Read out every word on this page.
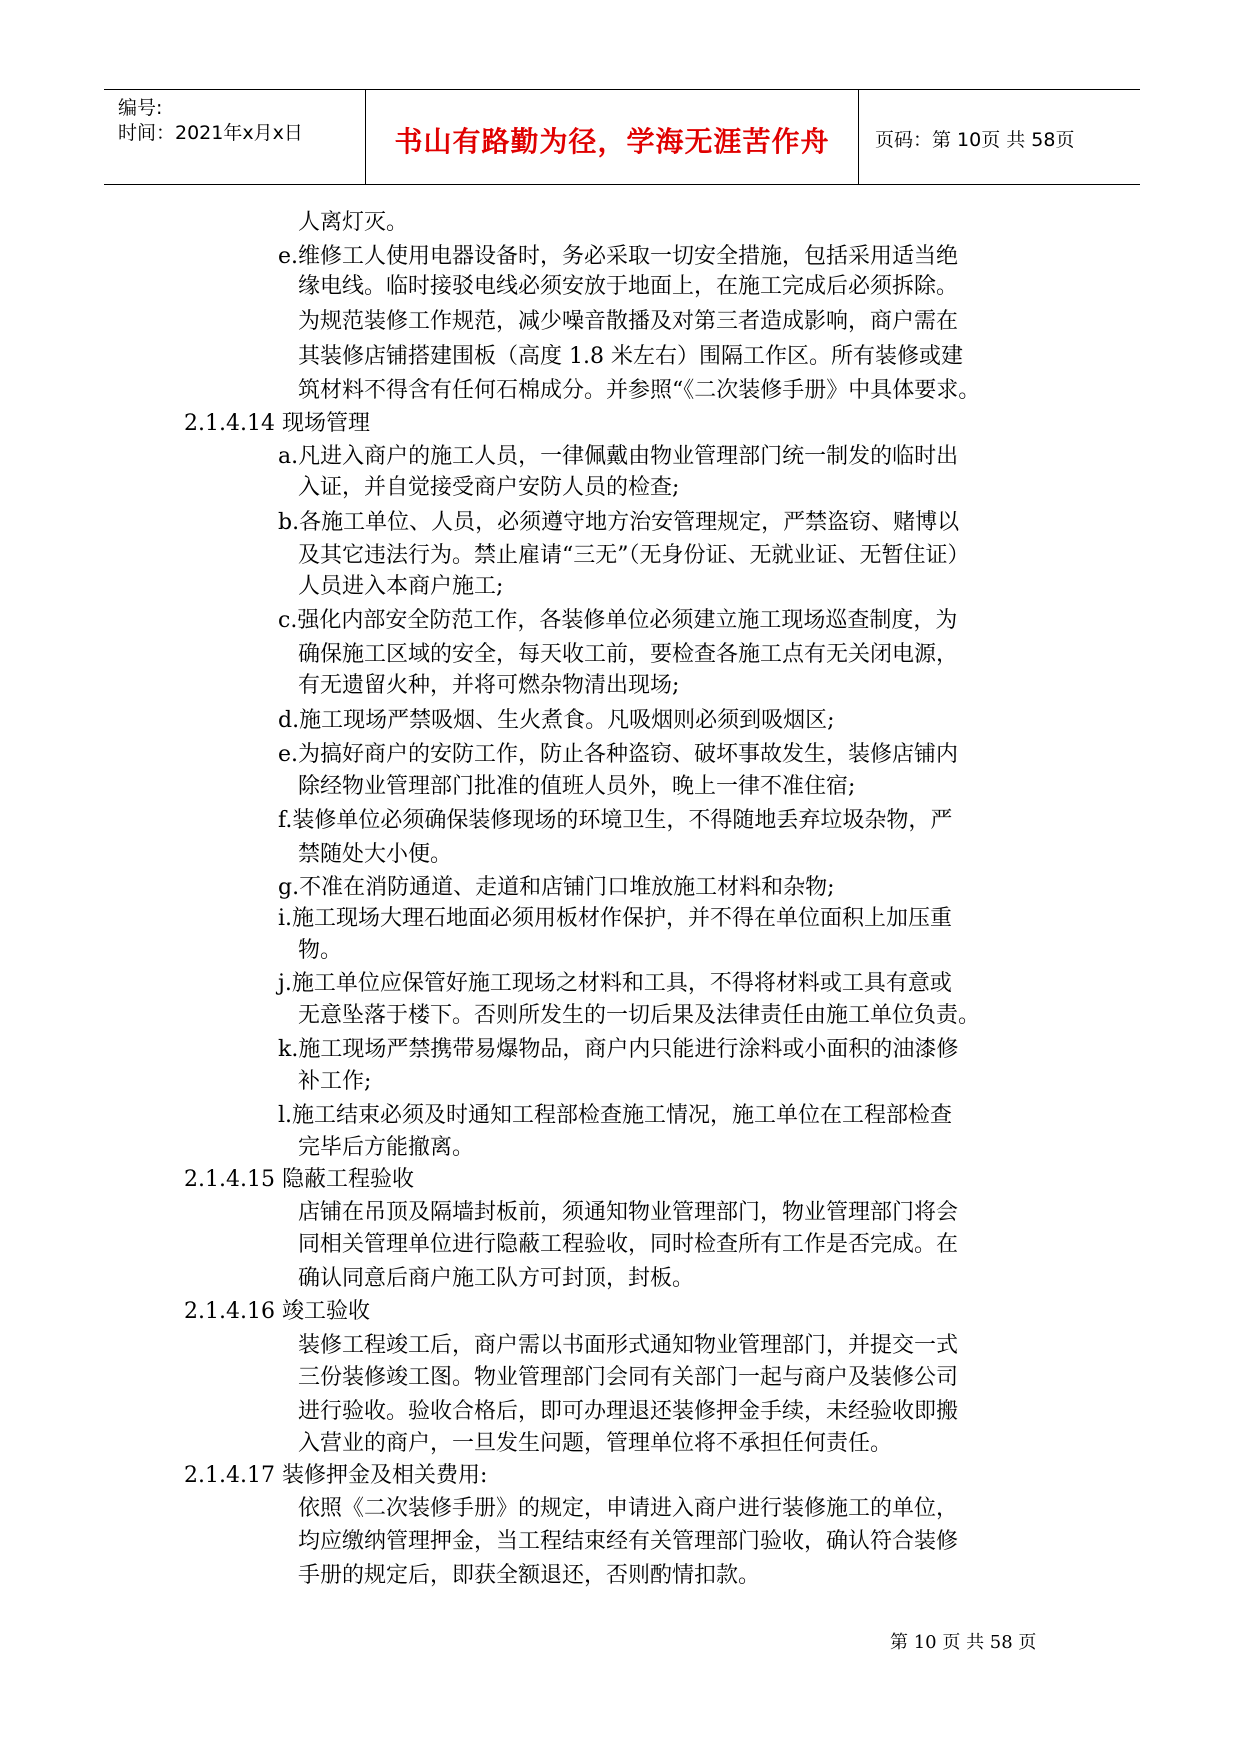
编号:
时间：2021年x月x日	书山有路勤为径，学海无涯苦作舟	页码：第 10页 共 58页
人离灯灭。
e.维修工人使用电器设备时，务必采取一切安全措施，包括采用适当绝
缘电线。临时接驳电线必须安放于地面上，在施工完成后必须拆除。
为规范装修工作规范，减少噪音散播及对第三者造成影响，商户需在
其装修店铺搭建围板（高度 1.8 米左右）围隔工作区。所有装修或建
筑材料不得含有任何石棉成分。并参照“《二次装修手册》中具体要求。
2.1.4.14 现场管理
a.凡进入商户的施工人员，一律佩戴由物业管理部门统一制发的临时出
入证，并自觉接受商户安防人员的检查;
b.各施工单位、人员，必须遵守地方治安管理规定，严禁盗窃、赌博以
及其它违法行为。禁止雇请“三无”（无身份证、无就业证、无暂住证）
人员进入本商户施工;
c.强化内部安全防范工作，各装修单位必须建立施工现场巡查制度，为
确保施工区域的安全，每天收工前，要检查各施工点有无关闭电源，
有无遗留火种，并将可燃杂物清出现场;
d.施工现场严禁吸烟、生火煮食。凡吸烟则必须到吸烟区;
e.为搞好商户的安防工作，防止各种盗窃、破坏事故发生，装修店铺内
除经物业管理部门批准的值班人员外，晚上一律不准住宿;
f.装修单位必须确保装修现场的环境卫生，不得随地丢弃垃圾杂物，严
禁随处大小便。
g.不准在消防通道、走道和店铺门口堆放施工材料和杂物;
i.施工现场大理石地面必须用板材作保护，并不得在单位面积上加压重
物。
j.施工单位应保管好施工现场之材料和工具，不得将材料或工具有意或
无意坠落于楼下。否则所发生的一切后果及法律责任由施工单位负责。
k.施工现场严禁携带易爆物品，商户内只能进行涂料或小面积的油漆修
补工作;
l.施工结束必须及时通知工程部检查施工情况，施工单位在工程部检查
完毕后方能撤离。
2.1.4.15 隐蔽工程验收
店铺在吊顶及隔墙封板前，须通知物业管理部门，物业管理部门将会
同相关管理单位进行隐蔽工程验收，同时检查所有工作是否完成。在
确认同意后商户施工队方可封顶，封板。
2.1.4.16 竣工验收
装修工程竣工后，商户需以书面形式通知物业管理部门，并提交一式
三份装修竣工图。物业管理部门会同有关部门一起与商户及装修公司
进行验收。验收合格后，即可办理退还装修押金手续，未经验收即搬
入营业的商户，一旦发生问题，管理单位将不承担任何责任。
2.1.4.17 装修押金及相关费用:
依照《二次装修手册》的规定，申请进入商户进行装修施工的单位，
均应缴纳管理押金，当工程结束经有关管理部门验收，确认符合装修
手册的规定后，即获全额退还，否则酌情扣款。
第 10 页 共 58 页
